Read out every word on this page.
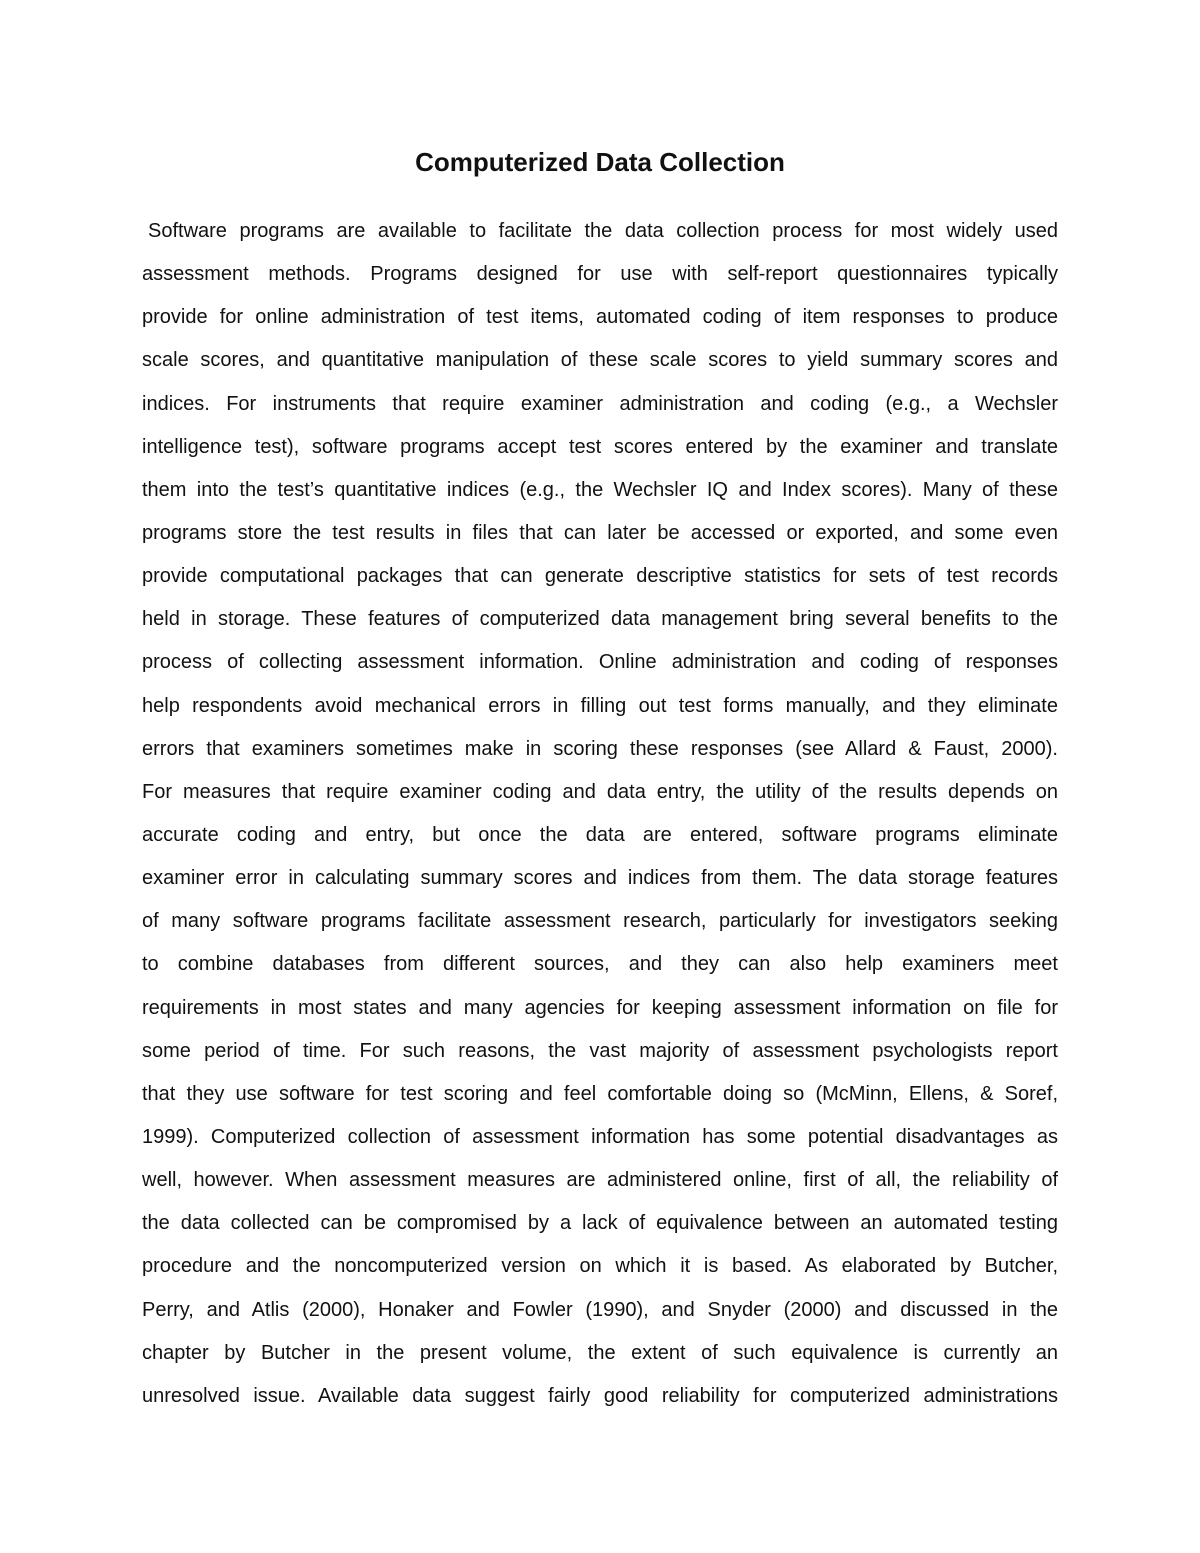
Computerized Data Collection
Software programs are available to facilitate the data collection process for most widely used
assessment methods. Programs designed for use with self-report questionnaires typically
provide for online administration of test items, automated coding of item responses to produce
scale scores, and quantitative manipulation of these scale scores to yield summary scores and
indices. For instruments that require examiner administration and coding (e.g., a Wechsler
intelligence test), software programs accept test scores entered by the examiner and translate
them into the test’s quantitative indices (e.g., the Wechsler IQ and Index scores). Many of these
programs store the test results in files that can later be accessed or exported, and some even
provide computational packages that can generate descriptive statistics for sets of test records
held in storage. These features of computerized data management bring several benefits to the
process of collecting assessment information. Online administration and coding of responses
help respondents avoid mechanical errors in filling out test forms manually, and they eliminate
errors that examiners sometimes make in scoring these responses (see Allard & Faust, 2000).
For measures that require examiner coding and data entry, the utility of the results depends on
accurate coding and entry, but once the data are entered, software programs eliminate
examiner error in calculating summary scores and indices from them. The data storage features
of many software programs facilitate assessment research, particularly for investigators seeking
to combine databases from different sources, and they can also help examiners meet
requirements in most states and many agencies for keeping assessment information on file for
some period of time. For such reasons, the vast majority of assessment psychologists report
that they use software for test scoring and feel comfortable doing so (McMinn, Ellens, & Soref,
1999). Computerized collection of assessment information has some potential disadvantages as
well, however. When assessment measures are administered online, first of all, the reliability of
the data collected can be compromised by a lack of equivalence between an automated testing
procedure and the noncomputerized version on which it is based. As elaborated by Butcher,
Perry, and Atlis (2000), Honaker and Fowler (1990), and Snyder (2000) and discussed in the
chapter by Butcher in the present volume, the extent of such equivalence is currently an
unresolved issue. Available data suggest fairly good reliability for computerized administrations
